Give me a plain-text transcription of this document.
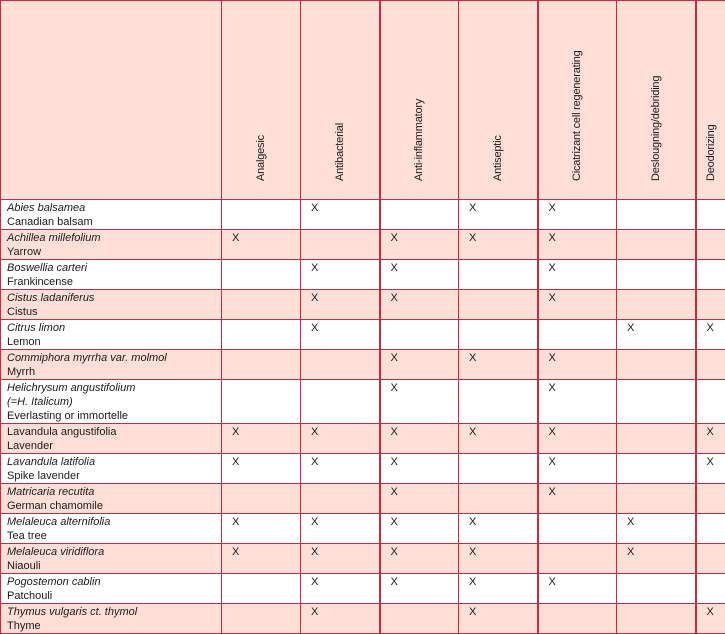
	Analgesic	Antibacterial	Anti-inflammatory	Antiseptic	Cicatrizant cell regenerating	Deslougning/debriding	Deodorizing

Abies balsamea
Canadian balsam		X		X	X		

Achillea millefolium
Yarrow	X		X	X	X		

Boswellia carteri
Frankincense		X	X		X		

Cistus ladaniferus
Cistus		X	X		X		

Citrus limon
Lemon		X				X	X

Commiphora myrrha var. molmol
Myrrh			X	X	X		

Helichrysum angustifolium
(=H. Italicum)
Everlasting or immortelle			X		X		

Lavandula angustifolia
Lavender	X	X	X	X	X		X

Lavandula latifolia
Spike lavender	X	X	X		X		X

Matricaria recutita
German chamomile			X		X		

Melaleuca alternifolia
Tea tree	X	X	X	X		X	

Melaleuca viridiflora
Niaouli	X	X	X	X		X	

Pogostemon cablin
Patchouli		X	X	X	X		

Thymus vulgaris ct. thymol
Thyme		X		X			X
